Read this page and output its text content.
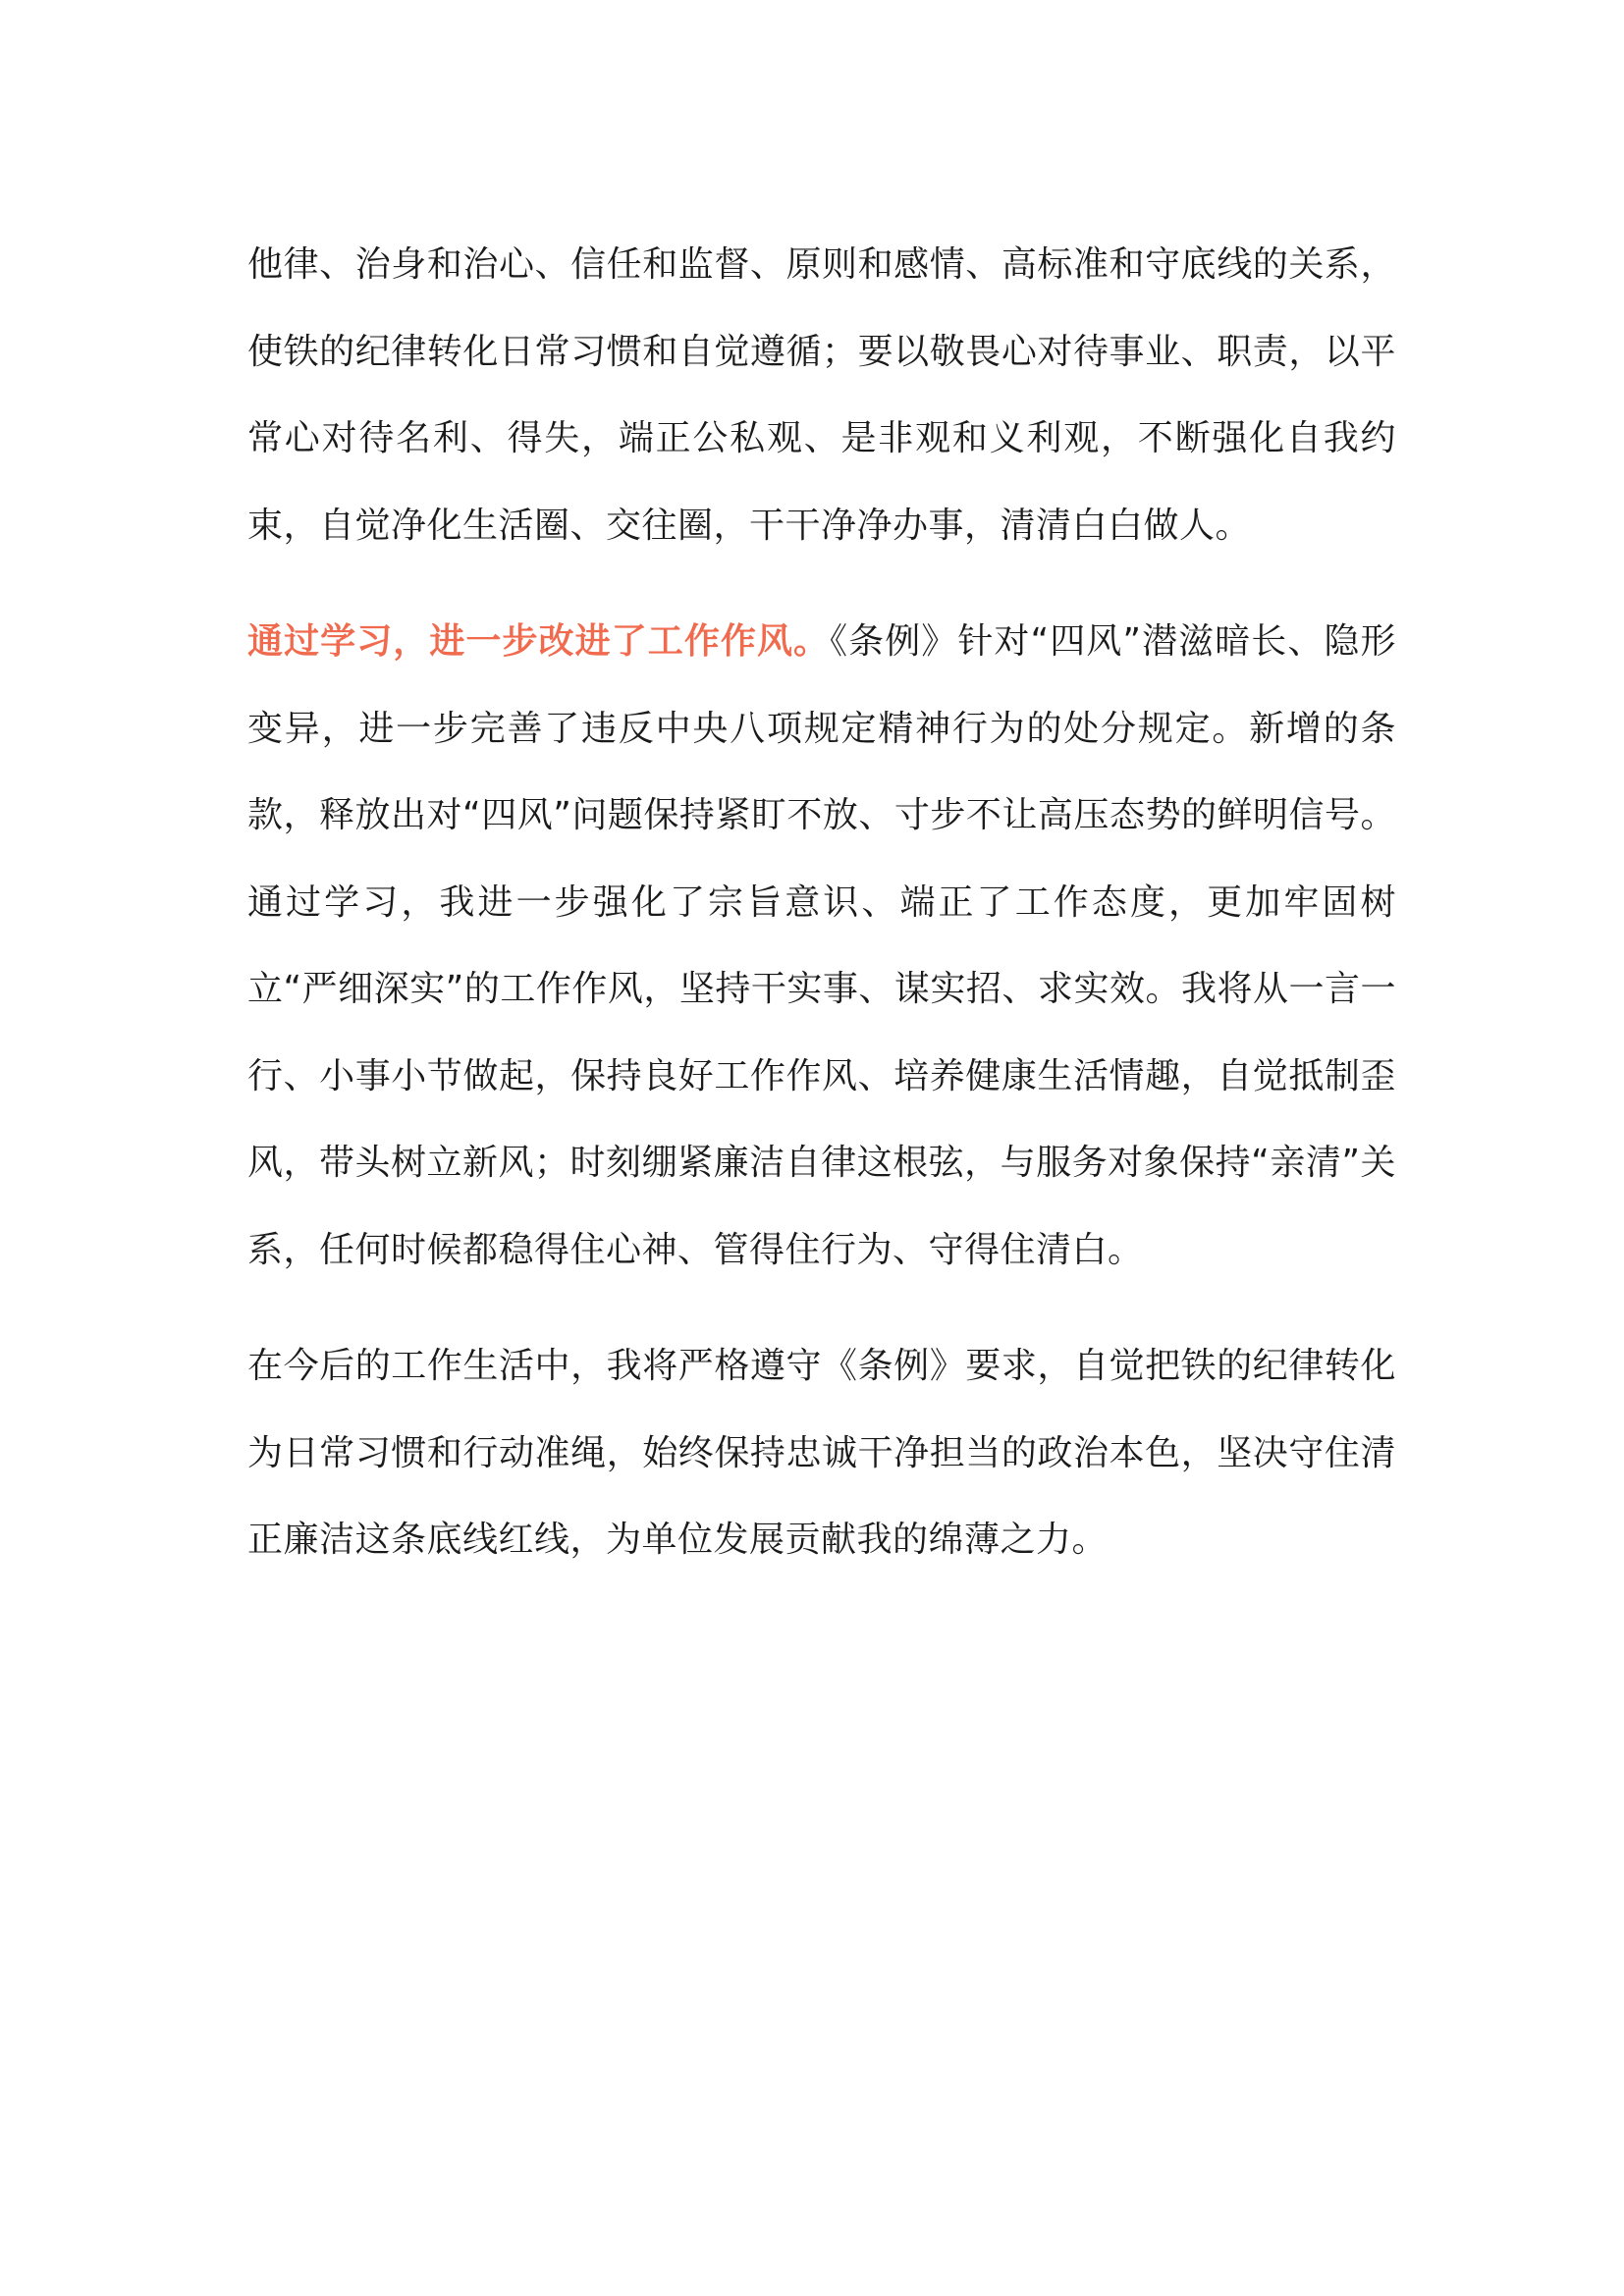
他律、治身和治心、信任和监督、原则和感情、高标准和守底线的关系，使铁的纪律转化日常习惯和自觉遵循；要以敬畏心对待事业、职责，以平常心对待名利、得失，端正公私观、是非观和义利观，不断强化自我约束，自觉净化生活圈、交往圈，干干净净办事，清清白白做人。

通过学习，进一步改进了工作作风。《条例》针对“四风”潜滋暗长、隐形变异，进一步完善了违反中央八项规定精神行为的处分规定。新增的条款，释放出对“四风”问题保持紧盯不放、寸步不让高压态势的鲜明信号。通过学习，我进一步强化了宗旨意识、端正了工作态度，更加牢固树立“严细深实”的工作作风，坚持干实事、谋实招、求实效。我将从一言一行、小事小节做起，保持良好工作作风、培养健康生活情趣，自觉抵制歪风，带头树立新风；时刻绷紧廉洁自律这根弦，与服务对象保持“亲清”关系，任何时候都稳得住心神、管得住行为、守得住清白。

在今后的工作生活中，我将严格遵守《条例》要求，自觉把铁的纪律转化为日常习惯和行动准绳，始终保持忠诚干净担当的政治本色，坚决守住清正廉洁这条底线红线，为单位发展贡献我的绵薄之力。
